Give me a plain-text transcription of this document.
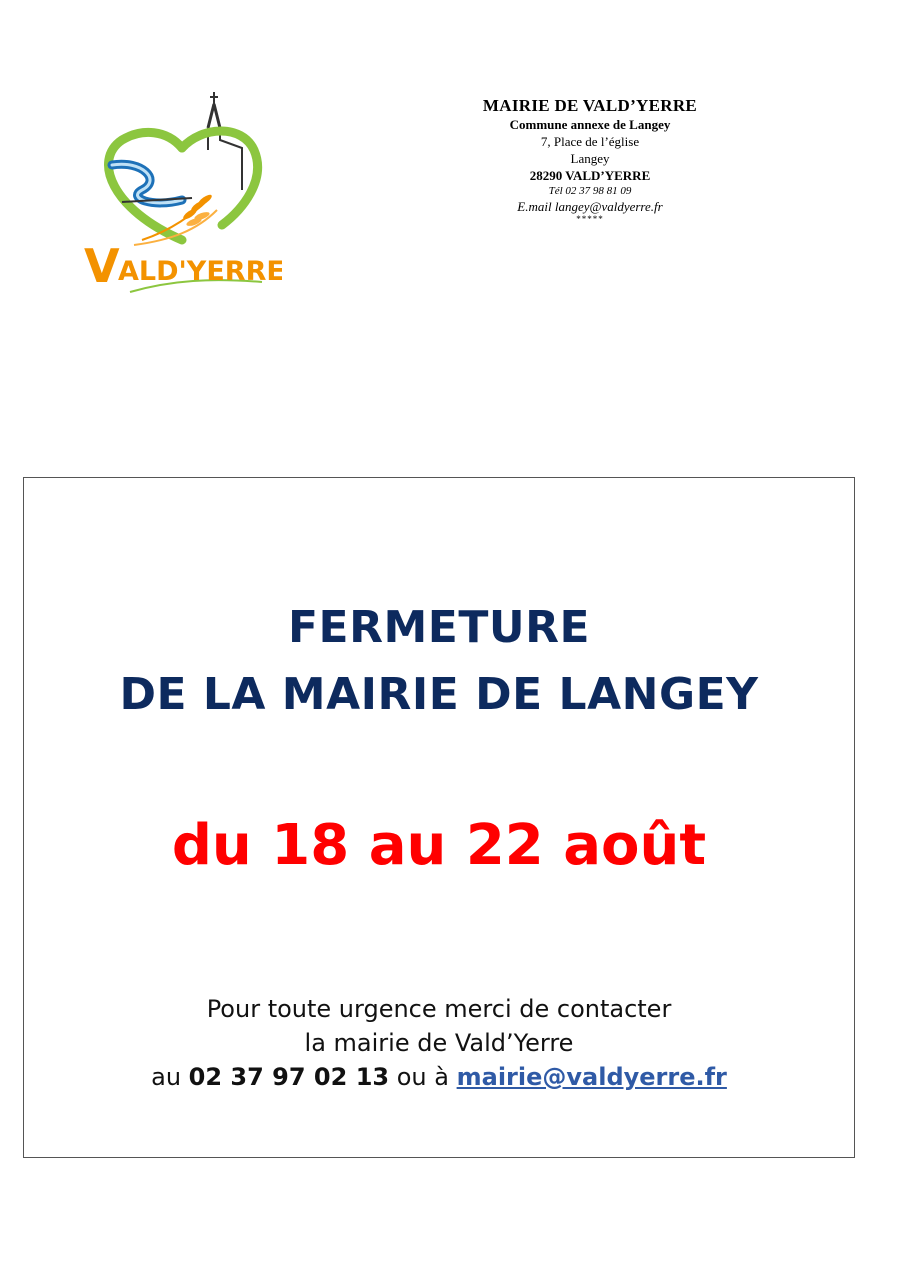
V
ALD'YERRE
MAIRIE DE VALD’YERRE
Commune annexe de Langey
7, Place de l’église
Langey
28290 VALD’YERRE
Tél 02 37 98 81 09
E.mail langey@valdyerre.fr
*****
FERMETURE
DE LA MAIRIE DE LANGEY
du 18 au 22 août
Pour toute urgence merci de contacter
la mairie de Vald’Yerre
au 02 37 97 02 13 ou à mairie@valdyerre.fr
